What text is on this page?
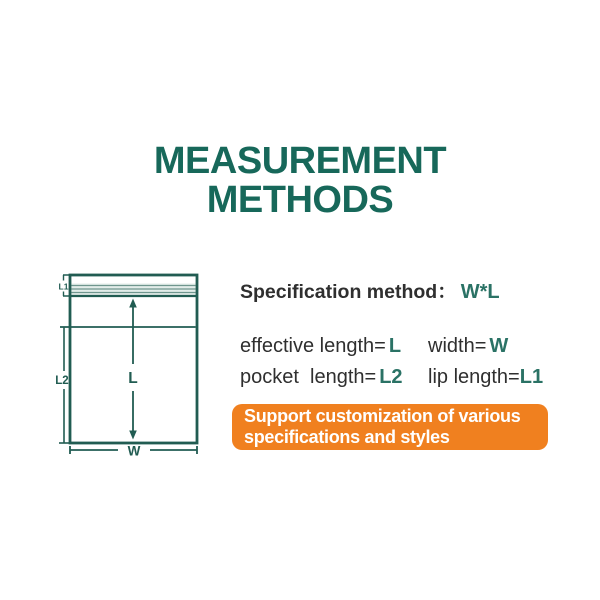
MEASUREMENT
METHODS
L1
L2	L
W
Specification method： W*L
effective length= L	width= W
pocket  length= L2	lip length=L1
Support customization of various
specifications and styles
